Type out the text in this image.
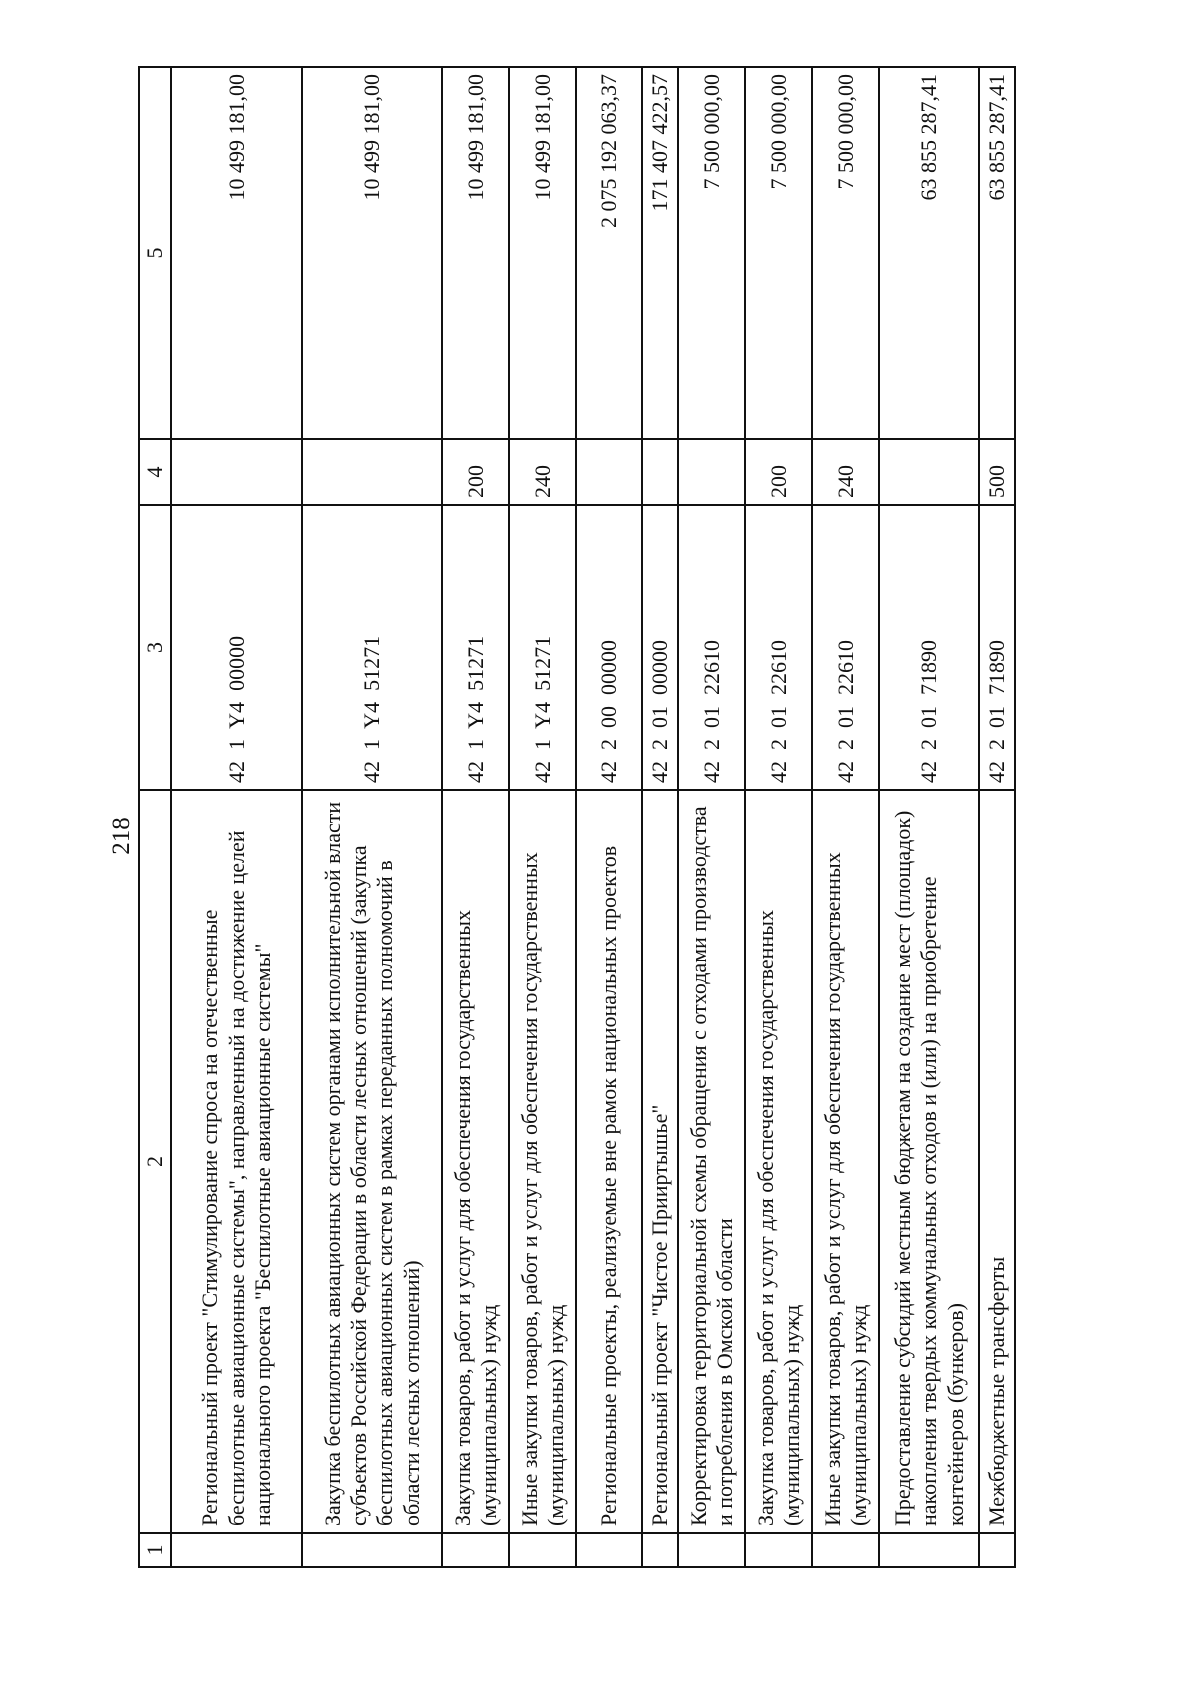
218
1	2	3	4	5
	Региональный проект "Стимулирование спроса на отечественные беспилотные авиационные системы", направленный на достижение целей национального проекта "Беспилотные авиационные системы"	42  1  Y4  00000		10 499 181,00
	Закупка беспилотных авиационных систем органами исполнительной власти субъектов Российской Федерации в области лесных отношений (закупка беспилотных авиационных систем в рамках переданных полномочий в области лесных отношений)	42  1  Y4  51271		10 499 181,00
	Закупка товаров, работ и услуг для обеспечения государственных (муниципальных) нужд	42  1  Y4  51271	200	10 499 181,00
	Иные закупки товаров, работ и услуг для обеспечения государственных (муниципальных) нужд	42  1  Y4  51271	240	10 499 181,00
	Региональные проекты, реализуемые вне рамок национальных проектов	42  2  00  00000		2 075 192 063,37
	Региональный проект "Чистое Прииртышье"	42  2  01  00000		171 407 422,57
	Корректировка территориальной схемы обращения с отходами производства и потребления в Омской области	42  2  01  22610		7 500 000,00
	Закупка товаров, работ и услуг для обеспечения государственных (муниципальных) нужд	42  2  01  22610	200	7 500 000,00
	Иные закупки товаров, работ и услуг для обеспечения государственных (муниципальных) нужд	42  2  01  22610	240	7 500 000,00
	Предоставление субсидий местным бюджетам на создание мест (площадок) накопления твердых коммунальных отходов и (или) на приобретение контейнеров (бункеров)	42  2  01  71890		63 855 287,41
	Межбюджетные трансферты	42  2  01  71890	500	63 855 287,41
